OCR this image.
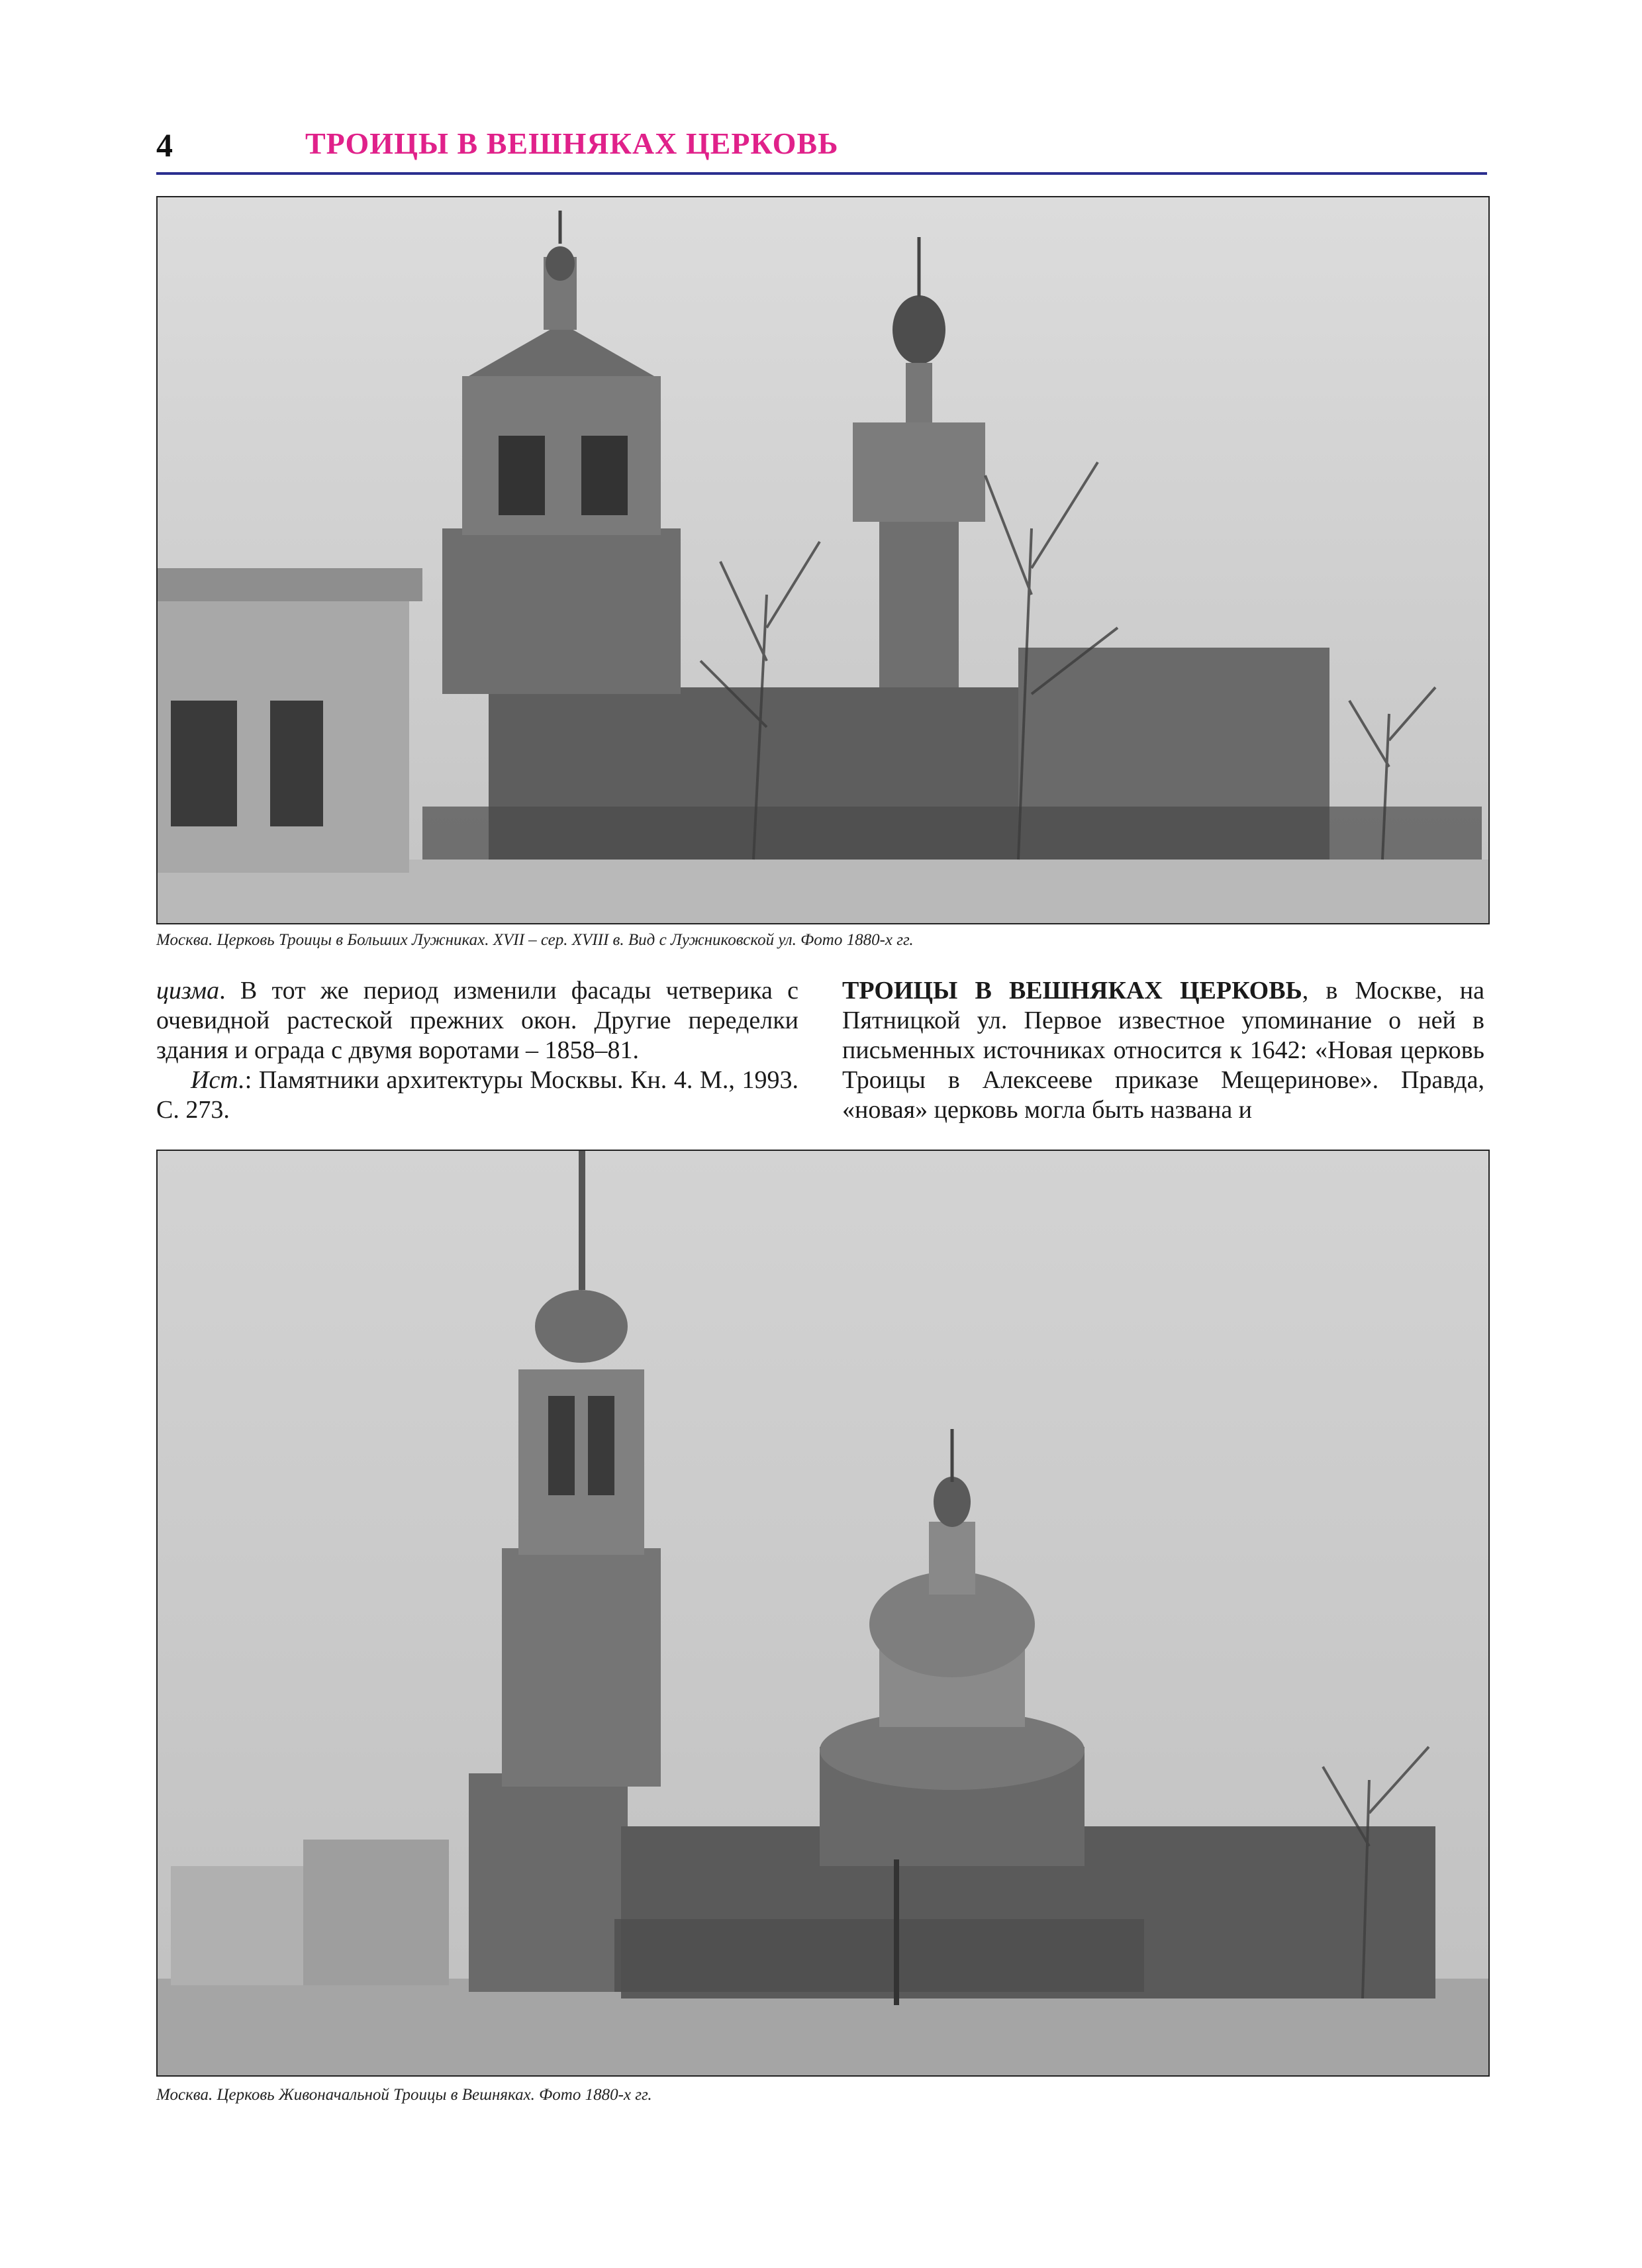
4	ТРОИЦЫ В ВЕШНЯКАХ ЦЕРКОВЬ
Москва. Церковь Троицы в Больших Лужниках. XVII – сер. XVIII в. Вид с Лужниковской ул. Фото 1880-х гг.

цизма. В тот же период изменили фасады четверика с очевидной растеской прежних окон. Другие переделки здания и ограда с двумя воротами – 1858–81.

Ист.: Памятники архитектуры Москвы. Кн. 4. М., 1993. С. 273.

ТРОИЦЫ В ВЕШНЯКАХ ЦЕРКОВЬ, в Москве, на Пятницкой ул. Первое известное упоминание о ней в письменных источниках относится к 1642: «Новая церковь Троицы в Алексееве приказе Мещеринове». Правда, «новая» церковь могла быть названа и

Москва. Церковь Живоначальной Троицы в Вешняках. Фото 1880-х гг.
